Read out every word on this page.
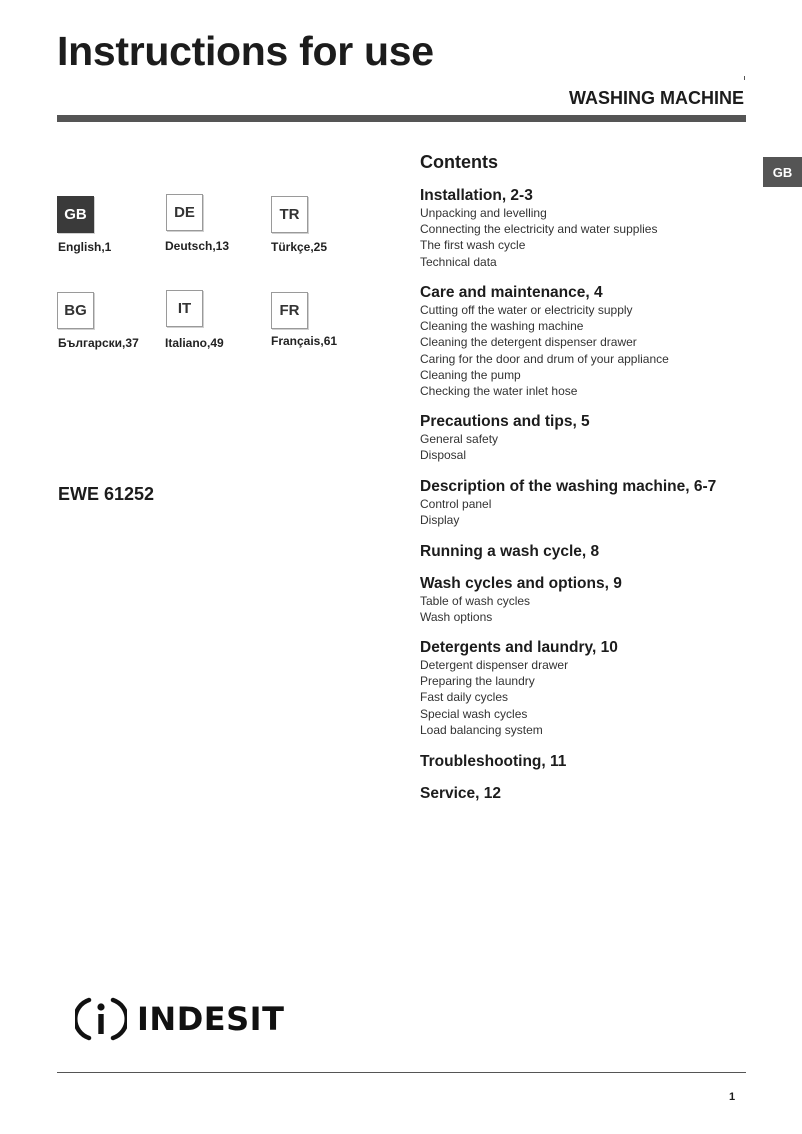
Instructions for use
WASHING MACHINE
GB
GB
English,1
DE
Deutsch,13
TR
Türkçe,25
BG
Български,37
IT
Italiano,49
FR
Français,61
EWE 61252
Contents
Installation, 2-3
Unpacking and levelling
Connecting the electricity and water supplies
The first wash cycle
Technical data
Care and maintenance, 4
Cutting off the water or electricity supply
Cleaning the washing machine
Cleaning the detergent dispenser drawer
Caring for the door and drum of your appliance
Cleaning the pump
Checking the water inlet hose
Precautions and tips, 5
General safety
Disposal
Description of the washing machine, 6-7
Control panel
Display
Running a wash cycle, 8
Wash cycles and options, 9
Table of wash cycles
Wash options
Detergents and laundry, 10
Detergent dispenser drawer
Preparing the laundry
Fast daily cycles
Special wash cycles
Load balancing system
Troubleshooting, 11
Service, 12
INDESIT
1
